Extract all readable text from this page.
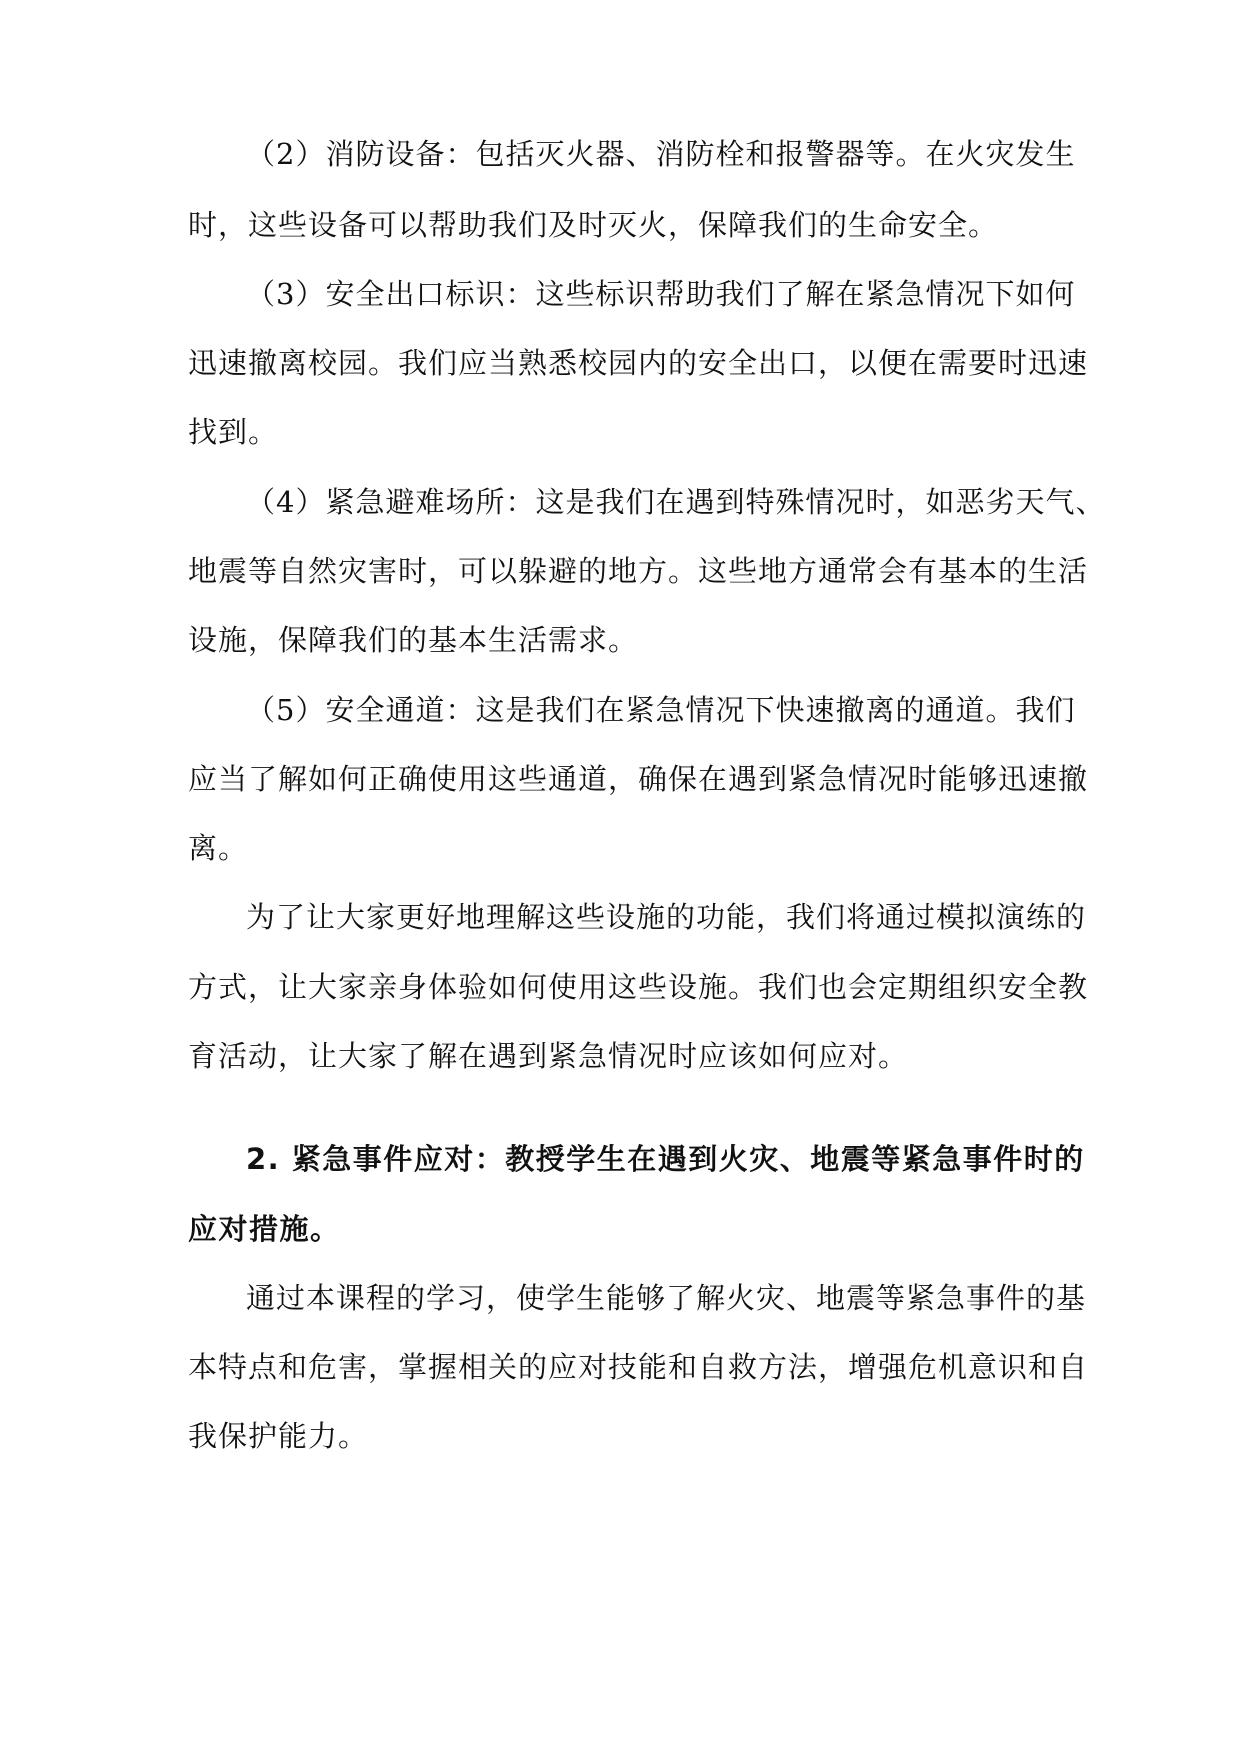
（2）消防设备：包括灭火器、消防栓和报警器等。在火灾发生
时，这些设备可以帮助我们及时灭火，保障我们的生命安全。
（3）安全出口标识：这些标识帮助我们了解在紧急情况下如何
迅速撤离校园。我们应当熟悉校园内的安全出口，以便在需要时迅速
找到。
（4）紧急避难场所：这是我们在遇到特殊情况时，如恶劣天气、
地震等自然灾害时，可以躲避的地方。这些地方通常会有基本的生活
设施，保障我们的基本生活需求。
（5）安全通道：这是我们在紧急情况下快速撤离的通道。我们
应当了解如何正确使用这些通道，确保在遇到紧急情况时能够迅速撤
离。
为了让大家更好地理解这些设施的功能，我们将通过模拟演练的
方式，让大家亲身体验如何使用这些设施。我们也会定期组织安全教
育活动，让大家了解在遇到紧急情况时应该如何应对。
2. 紧急事件应对：教授学生在遇到火灾、地震等紧急事件时的
应对措施。
通过本课程的学习，使学生能够了解火灾、地震等紧急事件的基
本特点和危害，掌握相关的应对技能和自救方法，增强危机意识和自
我保护能力。
